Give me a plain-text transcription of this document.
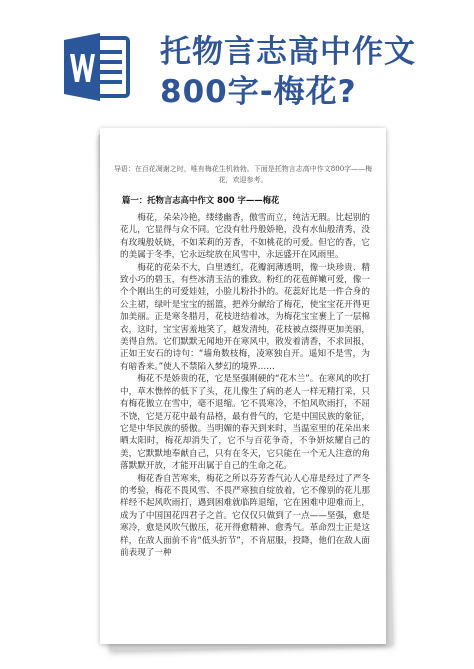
托物言志高中作文
800字-梅花?
导语：在百花凋谢之时，唯有梅花生机勃勃。下面是托物言志高中作文800字——梅花，欢迎参考。
篇一：托物言志高中作文 800 字——梅花

梅花，朵朵冷艳，缕缕幽香，傲雪而立，纯洁无瑕。比起别的花儿，它显得与众不同。它没有牡丹般娇艳，没有水仙般清秀，没有玫瑰般妖娆，不如茉莉的芳香，不如桃花的可爱。但它的香，它的美属于冬季，它永远绽放在风雪中，永远盛开在风雨里。

梅花的花朵不大，白里透红，花瓣润薄透明，像一块珍贵、精致小巧的碧玉，有些冰清玉洁的雅致。粉红的花苞鲜嫩可爱，像一个个刚出生的可爱娃娃，小脸儿粉扑扑的。花蕊好比是一件合身的公主裙，绿叶是宝宝的摇篮，把养分献给了梅花，使宝宝花开得更加美丽。正是寒冬腊月，花枝迸结着冰，为梅花宝宝裹上了一层棉衣，这时，宝宝害羞地笑了，越发清纯，花枝被点缀得更加美丽，美得自然。它们默默无闻地开在寒风中，散发着清香，不求回报，正如王安石的诗句：“墙角数枝梅，凌寒独自开。遥知不是雪，为有暗香来。”使人不禁陷入梦幻的境界……

梅花不是娇贵的花，它是坚强刚硬的“花木兰”。在寒风的吹打中，草木憔悴的低下了头，花儿像生了病的老人一样无精打采，只有梅花傲立在雪中，毫不退缩。它不畏寒冷，不怕风吹雨打，不屈不饶，它是万花中最有品格，最有骨气的，它是中国民族的象征，它是中华民族的骄傲。当明媚的春天到来时，当温室里的花朵出来晒太阳时，梅花却消失了，它不与百花争奇，不争妍炫耀自己的美，它默默地奉献自己，只有在冬天，它只能在一个无人注意的角落默默开放，才能开出属于自己的生命之花。

梅花香自苦寒来，梅花之所以芬芳香气沁人心扉是经过了严冬的考验，梅花不畏风雪、不畏严寒独自绽放着，它不像别的花儿那样经不起风吹雨打，遇到困难就临阵退缩，它在困难中迎难而上，成为了中国国花四君子之首。它仅仅只做到了一点——坚强，愈是寒冷，愈是风吹气傲压，花开得愈精神、愈秀气。革命烈士正是这样，在敌人面前不肯“低头折节”，不肯屈服，投降，他们在敌人面前表现了一种
